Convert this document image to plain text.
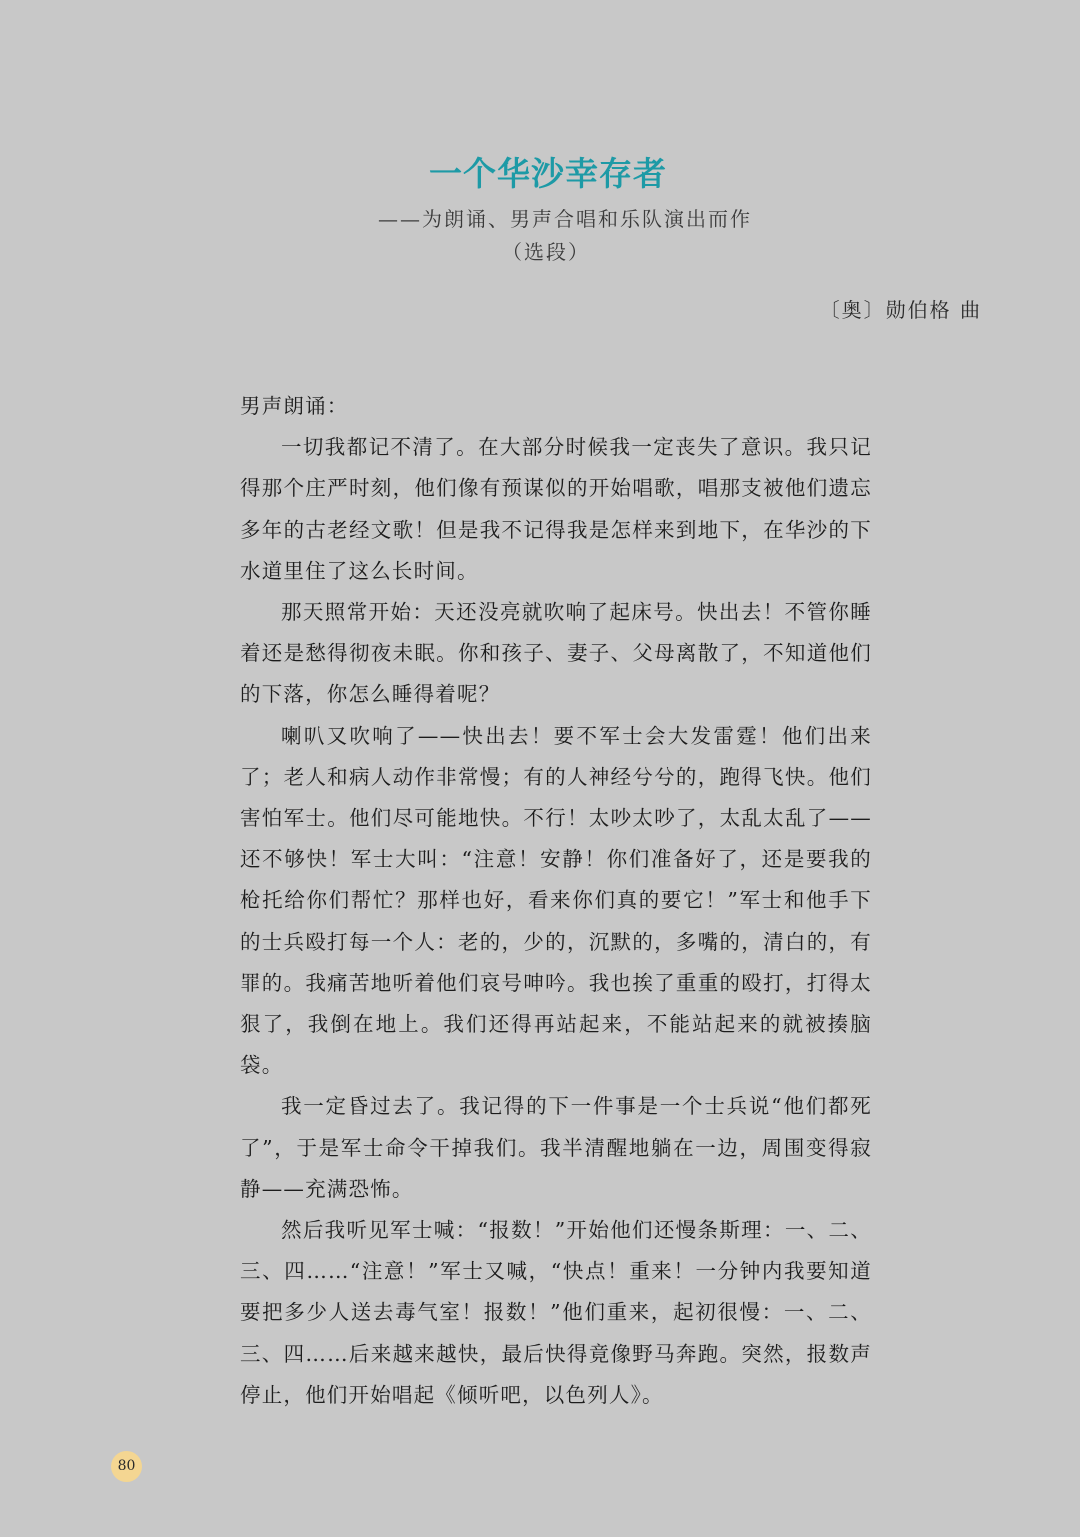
一个华沙幸存者
——为朗诵、男声合唱和乐队演出而作
（选段）
〔奥〕勋伯格 曲

男声朗诵：

一切我都记不清了。在大部分时候我一定丧失了意识。我只记得那个庄严时刻，他们像有预谋似的开始唱歌，唱那支被他们遗忘多年的古老经文歌！但是我不记得我是怎样来到地下，在华沙的下水道里住了这么长时间。

那天照常开始：天还没亮就吹响了起床号。快出去！不管你睡着还是愁得彻夜未眠。你和孩子、妻子、父母离散了，不知道他们的下落，你怎么睡得着呢？

喇叭又吹响了——快出去！要不军士会大发雷霆！他们出来了；老人和病人动作非常慢；有的人神经兮兮的，跑得飞快。他们害怕军士。他们尽可能地快。不行！太吵太吵了，太乱太乱了——还不够快！军士大叫：“注意！安静！你们准备好了，还是要我的枪托给你们帮忙？那样也好，看来你们真的要它！”军士和他手下的士兵殴打每一个人：老的，少的，沉默的，多嘴的，清白的，有罪的。我痛苦地听着他们哀号呻吟。我也挨了重重的殴打，打得太狠了，我倒在地上。我们还得再站起来，不能站起来的就被揍脑袋。

我一定昏过去了。我记得的下一件事是一个士兵说“他们都死了”，于是军士命令干掉我们。我半清醒地躺在一边，周围变得寂静——充满恐怖。

然后我听见军士喊：“报数！”开始他们还慢条斯理：一、二、三、四……“注意！”军士又喊，“快点！重来！一分钟内我要知道要把多少人送去毒气室！报数！”他们重来，起初很慢：一、二、三、四……后来越来越快，最后快得竟像野马奔跑。突然，报数声停止，他们开始唱起《倾听吧，以色列人》。

80
